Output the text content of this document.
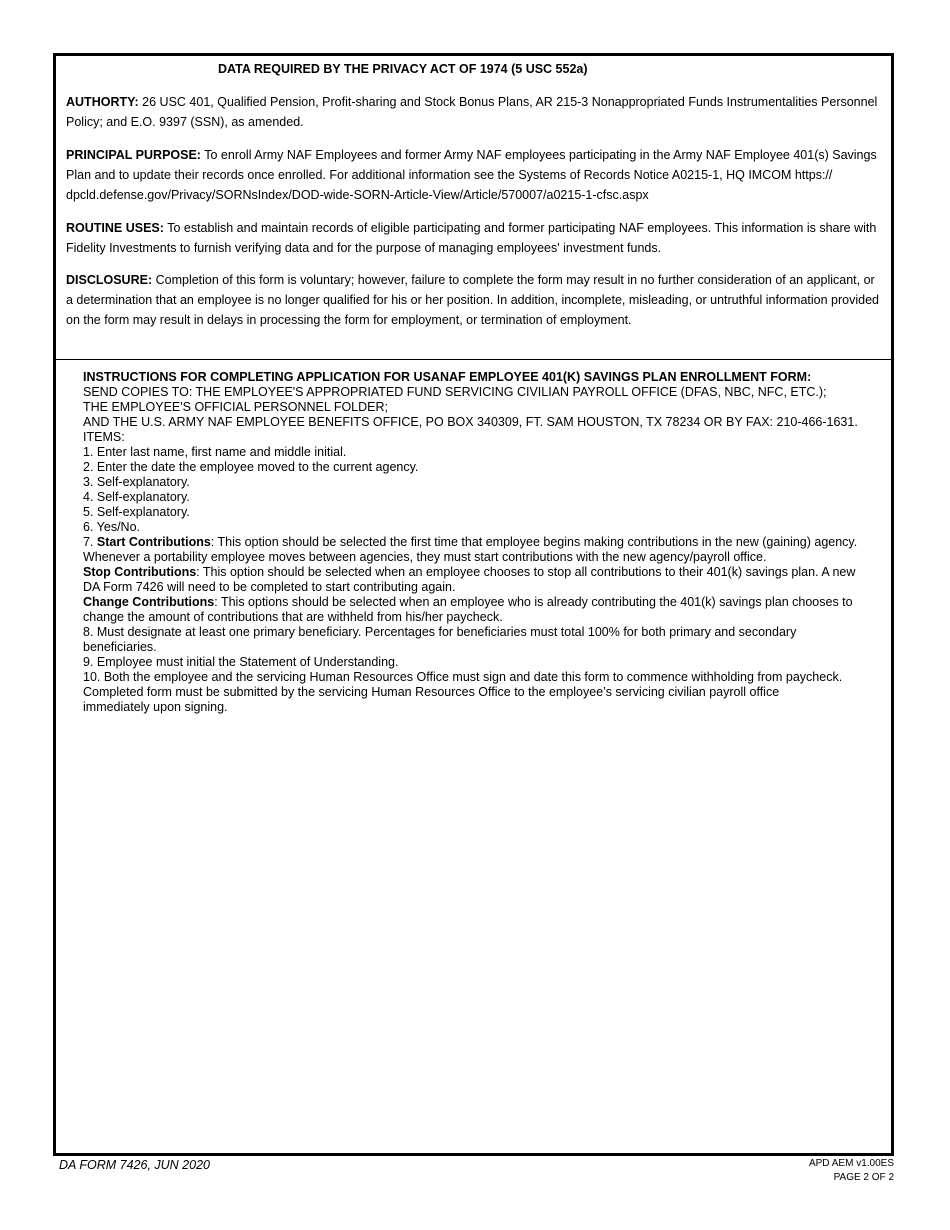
DATA REQUIRED BY THE PRIVACY ACT OF 1974 (5 USC 552a)
AUTHORTY: 26 USC 401, Qualified Pension, Profit-sharing and Stock Bonus Plans, AR 215-3 Nonappropriated Funds Instrumentalities Personnel Policy; and E.O. 9397 (SSN), as amended.
PRINCIPAL PURPOSE: To enroll Army NAF Employees and former Army NAF employees participating in the Army NAF Employee 401(s) Savings Plan and to update their records once enrolled. For additional information see the Systems of Records Notice A0215-1, HQ IMCOM https:// dpcld.defense.gov/Privacy/SORNsIndex/DOD-wide-SORN-Article-View/Article/570007/a0215-1-cfsc.aspx
ROUTINE USES: To establish and maintain records of eligible participating and former participating NAF employees. This information is share with Fidelity Investments to furnish verifying data and for the purpose of managing employees' investment funds.
DISCLOSURE: Completion of this form is voluntary; however, failure to complete the form may result in no further consideration of an applicant, or a determination that an employee is no longer qualified for his or her position. In addition, incomplete, misleading, or untruthful information provided on the form may result in delays in processing the form for employment, or termination of employment.
INSTRUCTIONS FOR COMPLETING APPLICATION FOR USANAF EMPLOYEE 401(K) SAVINGS PLAN ENROLLMENT FORM:
SEND COPIES TO: THE EMPLOYEE'S APPROPRIATED FUND SERVICING CIVILIAN PAYROLL OFFICE (DFAS, NBC, NFC, ETC.);
THE EMPLOYEE'S OFFICIAL PERSONNEL FOLDER;
AND THE U.S. ARMY NAF EMPLOYEE BENEFITS OFFICE, PO BOX 340309, FT. SAM HOUSTON, TX 78234 OR BY FAX: 210-466-1631.
ITEMS:
1. Enter last name, first name and middle initial.
2. Enter the date the employee moved to the current agency.
3. Self-explanatory.
4. Self-explanatory.
5. Self-explanatory.
6. Yes/No.
7. Start Contributions: This option should be selected the first time that employee begins making contributions in the new (gaining) agency.
Whenever a portability employee moves between agencies, they must start contributions with the new agency/payroll office.
Stop Contributions: This option should be selected when an employee chooses to stop all contributions to their 401(k) savings plan. A new
DA Form 7426 will need to be completed to start contributing again.
Change Contributions: This options should be selected when an employee who is already contributing the 401(k) savings plan chooses to
change the amount of contributions that are withheld from his/her paycheck.
8. Must designate at least one primary beneficiary. Percentages for beneficiaries must total 100% for both primary and secondary
beneficiaries.
9. Employee must initial the Statement of Understanding.
10. Both the employee and the servicing Human Resources Office must sign and date this form to commence withholding from paycheck.
Completed form must be submitted by the servicing Human Resources Office to the employee’s servicing civilian payroll office
immediately upon signing.
DA FORM 7426, JUN 2020	APD AEM v1.00ES
PAGE 2 OF 2
